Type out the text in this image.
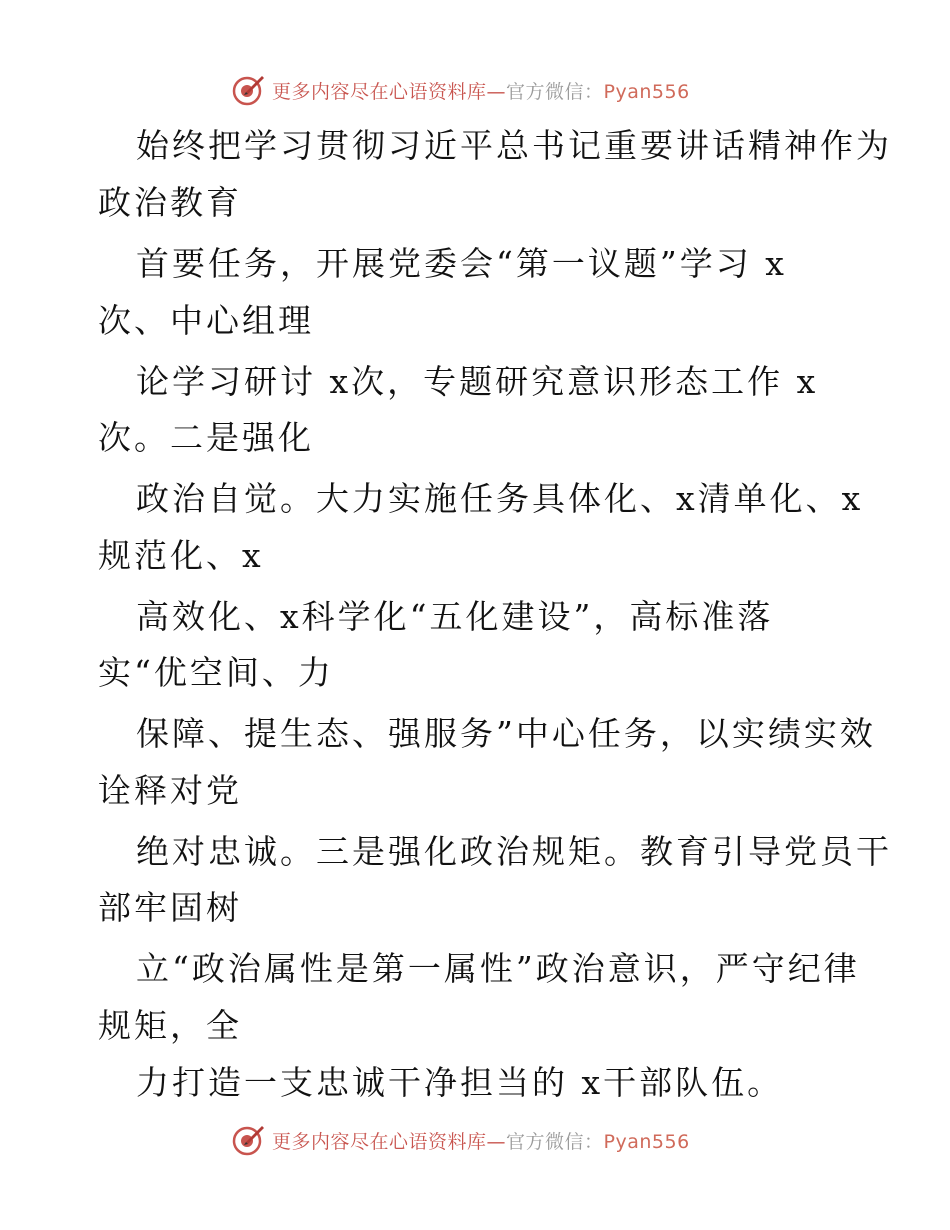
更多内容尽在心语资料库—官方微信：Pyan556
始终把学习贯彻习近平总书记重要讲话精神作为
政治教育
首要任务，开展党委会“第一议题”学习 x
次、中心组理
论学习研讨 x次，专题研究意识形态工作 x
次。二是强化
政治自觉。大力实施任务具体化、x清单化、x
规范化、x
高效化、x科学化“五化建设”，高标准落
实“优空间、力
保障、提生态、强服务”中心任务，以实绩实效
诠释对党
绝对忠诚。三是强化政治规矩。教育引导党员干
部牢固树
立“政治属性是第一属性”政治意识，严守纪律
规矩，全
力打造一支忠诚干净担当的 x干部队伍。
更多内容尽在心语资料库—官方微信：Pyan556
